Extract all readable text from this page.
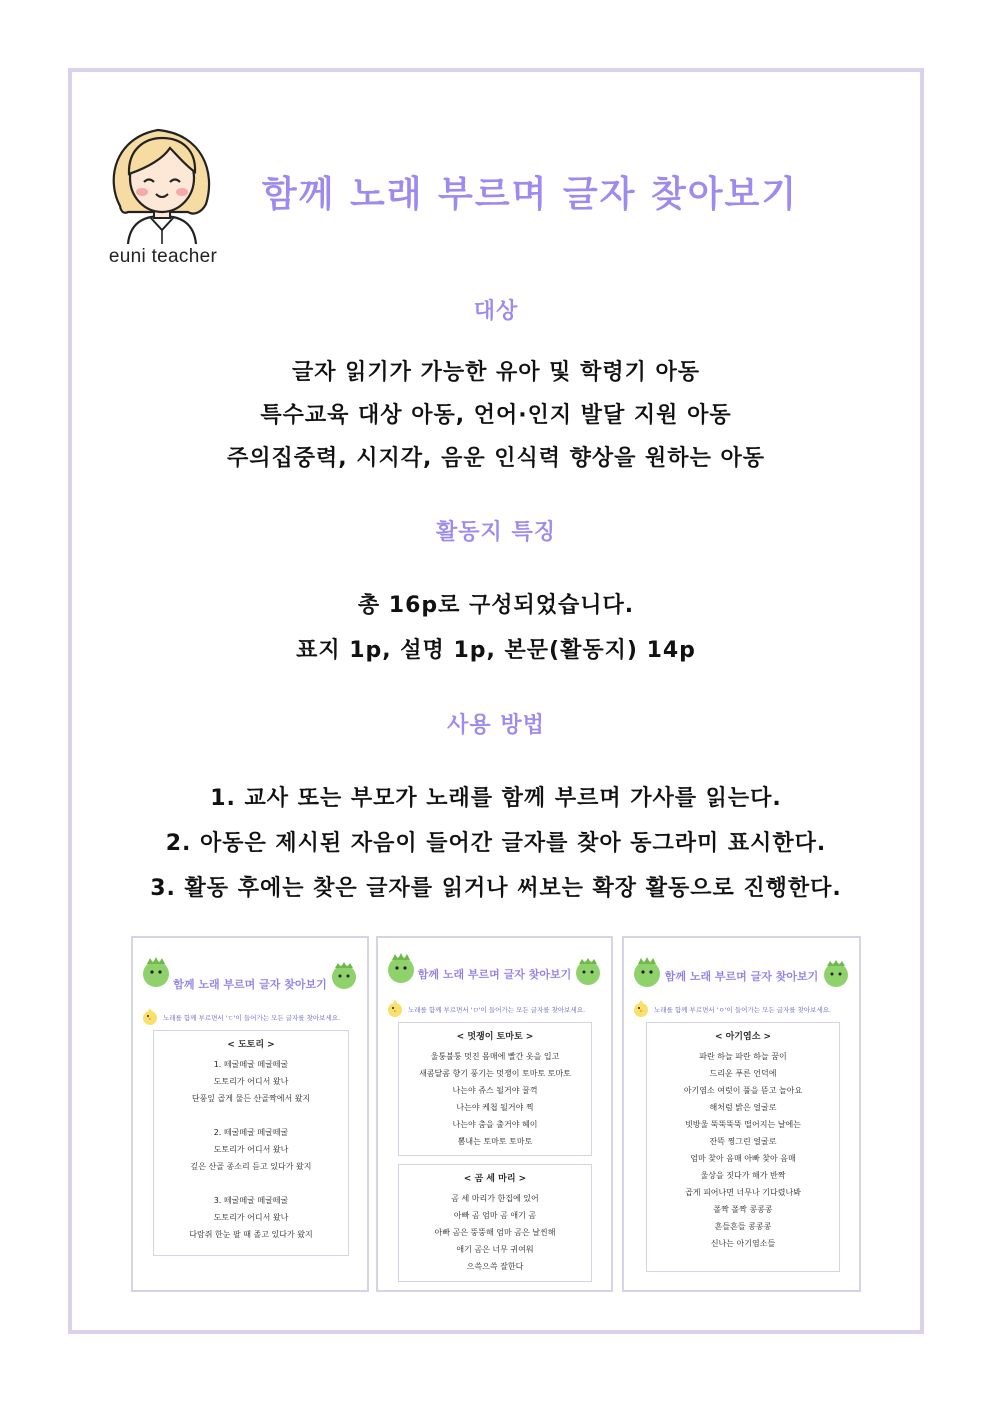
euni teacher
함께 노래 부르며 글자 찾아보기
대상
글자 읽기가 가능한 유아 및 학령기 아동
특수교육 대상 아동, 언어·인지 발달 지원 아동
주의집중력, 시지각, 음운 인식력 향상을 원하는 아동
활동지 특징
총 16p로 구성되었습니다.
표지 1p, 설명 1p, 본문(활동지) 14p
사용 방법
1. 교사 또는 부모가 노래를 함께 부르며 가사를 읽는다.
2. 아동은 제시된 자음이 들어간 글자를 찾아 동그라미 표시한다.
3. 활동 후에는 찾은 글자를 읽거나 써보는 확장 활동으로 진행한다.
함께 노래 부르며 글자 찾아보기
노래를 함께 부르면서 'ㄷ'이 들어가는 모든 글자를 찾아보세요.
< 도토리 >
1. 떼굴떼굴 떼굴떼굴
도토리가 어디서 왔나
단풍잎 곱게 물든 산골짝에서 왔지
2. 떼굴떼굴 떼굴떼굴
도토리가 어디서 왔나
깊은 산골 종소리 듣고 있다가 왔지
3. 떼굴떼굴 떼굴떼굴
도토리가 어디서 왔나
다람쥐 한눈 팔 때 졸고 있다가 왔지
함께 노래 부르며 글자 찾아보기
노래를 함께 부르면서 'ㅁ'이 들어가는 모든 글자를 찾아보세요.
< 멋쟁이 토마토 >
울퉁불퉁 멋진 몸매에 빨간 옷을 입고
새콤달콤 향기 풍기는 멋쟁이 토마토 토마토
나는야 쥬스 될거야 꿀꺽
나는야 케첩 될거야 찍
나는야 춤을 출거야 헤이
뽐내는 토마토 토마토
< 곰 세 마리 >
곰 세 마리가 한집에 있어
아빠 곰 엄마 곰 애기 곰
아빠 곰은 뚱뚱해 엄마 곰은 날씬해
애기 곰은 너무 귀여워
으쓱으쓱 잘한다
함께 노래 부르며 글자 찾아보기
노래를 함께 부르면서 'ㅇ'이 들어가는 모든 글자를 찾아보세요.
< 아기염소 >
파란 하늘 파란 하늘 꿈이
드리운 푸른 언덕에
아기염소 여럿이 풀을 뜯고 놀아요
해처럼 밝은 얼굴로
빗방울 뚝뚝뚝뚝 떨어지는 날에는
잔뜩 찡그린 얼굴로
엄마 찾아 음매 아빠 찾아 음매
울상을 짓다가 해가 반짝
곱게 피어나면 너무나 기다렸나봐
폴짝 폴짝 콩콩콩
흔들흔들 콩콩콩
신나는 아기염소들
